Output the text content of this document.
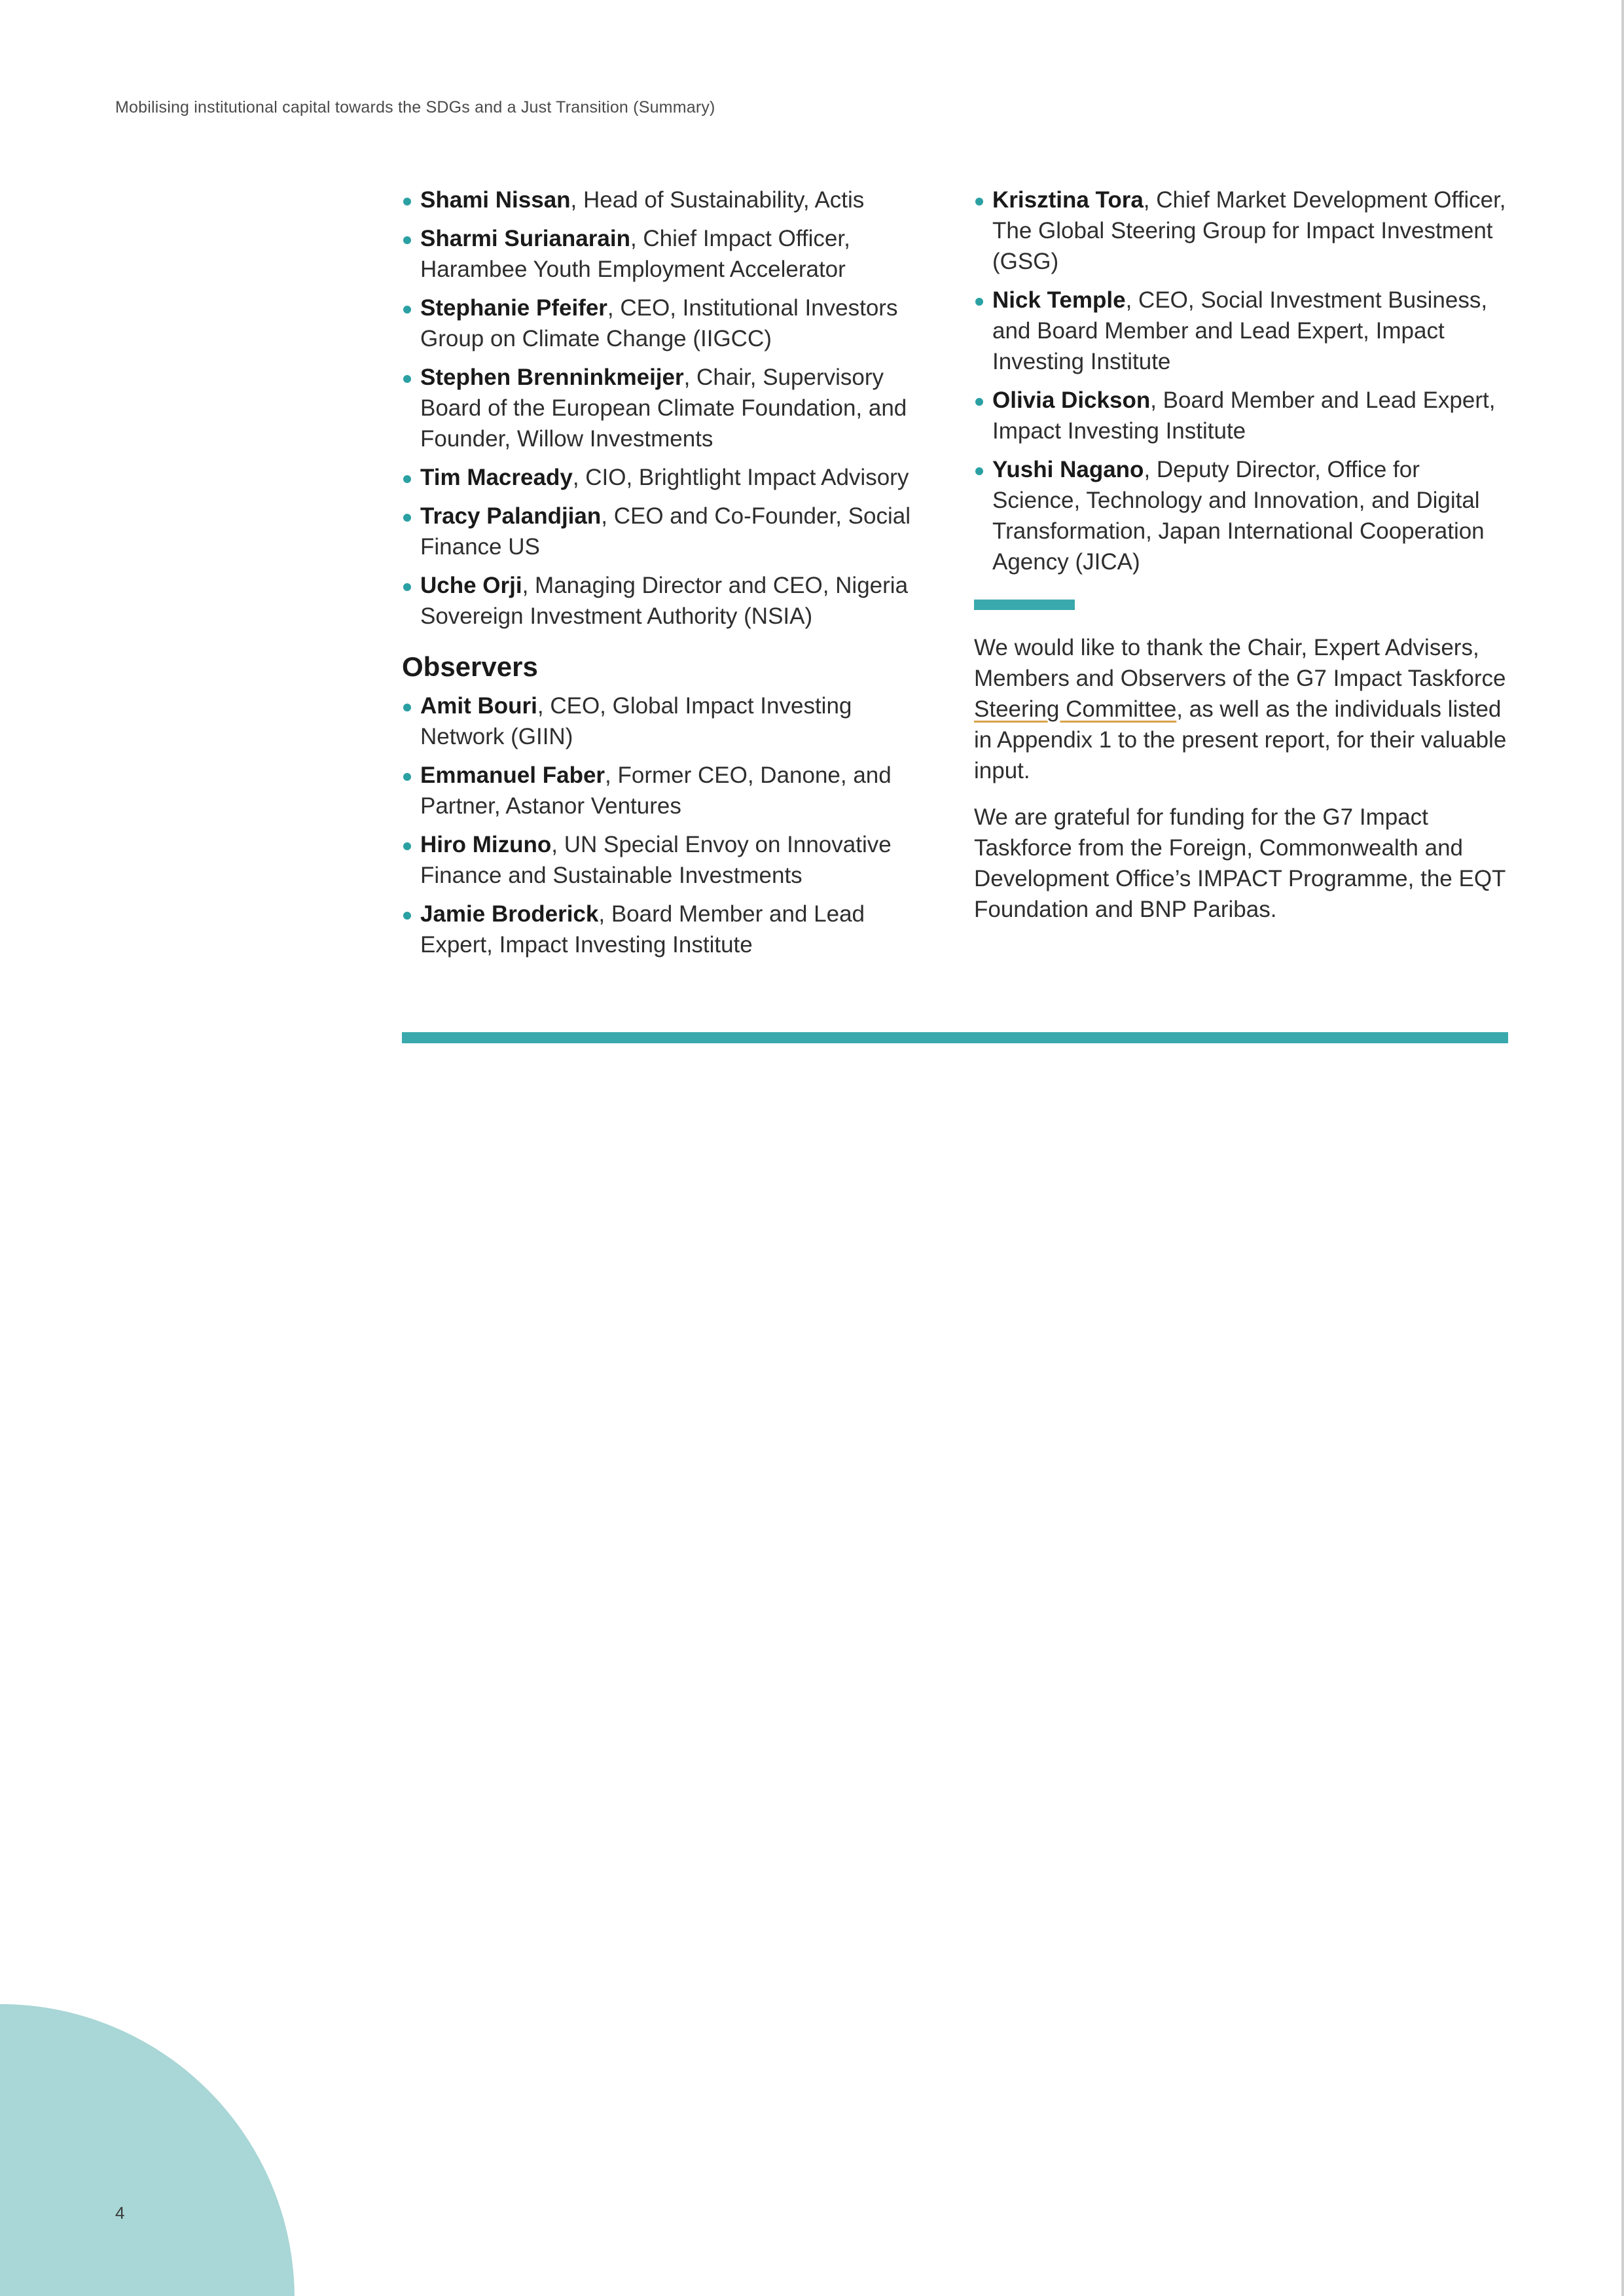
Mobilising institutional capital towards the SDGs and a Just Transition (Summary)
Shami Nissan, Head of Sustainability, Actis
Sharmi Surianarain, Chief Impact Officer, Harambee Youth Employment Accelerator
Stephanie Pfeifer, CEO, Institutional Investors Group on Climate Change (IIGCC)
Stephen Brenninkmeijer, Chair, Supervisory Board of the European Climate Foundation, and Founder, Willow Investments
Tim Macready, CIO, Brightlight Impact Advisory
Tracy Palandjian, CEO and Co-Founder, Social Finance US
Uche Orji, Managing Director and CEO, Nigeria Sovereign Investment Authority (NSIA)
Observers
Amit Bouri, CEO, Global Impact Investing Network (GIIN)
Emmanuel Faber, Former CEO, Danone, and Partner, Astanor Ventures
Hiro Mizuno, UN Special Envoy on Innovative Finance and Sustainable Investments
Jamie Broderick, Board Member and Lead Expert, Impact Investing Institute
Krisztina Tora, Chief Market Development Officer, The Global Steering Group for Impact Investment (GSG)
Nick Temple, CEO, Social Investment Business, and Board Member and Lead Expert, Impact Investing Institute
Olivia Dickson, Board Member and Lead Expert, Impact Investing Institute
Yushi Nagano, Deputy Director, Office for Science, Technology and Innovation, and Digital Transformation, Japan International Cooperation Agency (JICA)

We would like to thank the Chair, Expert Advisers, Members and Observers of the G7 Impact Taskforce Steering Committee, as well as the individuals listed in Appendix 1 to the present report, for their valuable input.

We are grateful for funding for the G7 Impact Taskforce from the Foreign, Commonwealth and Development Office’s IMPACT Programme, the EQT Foundation and BNP Paribas.

4
